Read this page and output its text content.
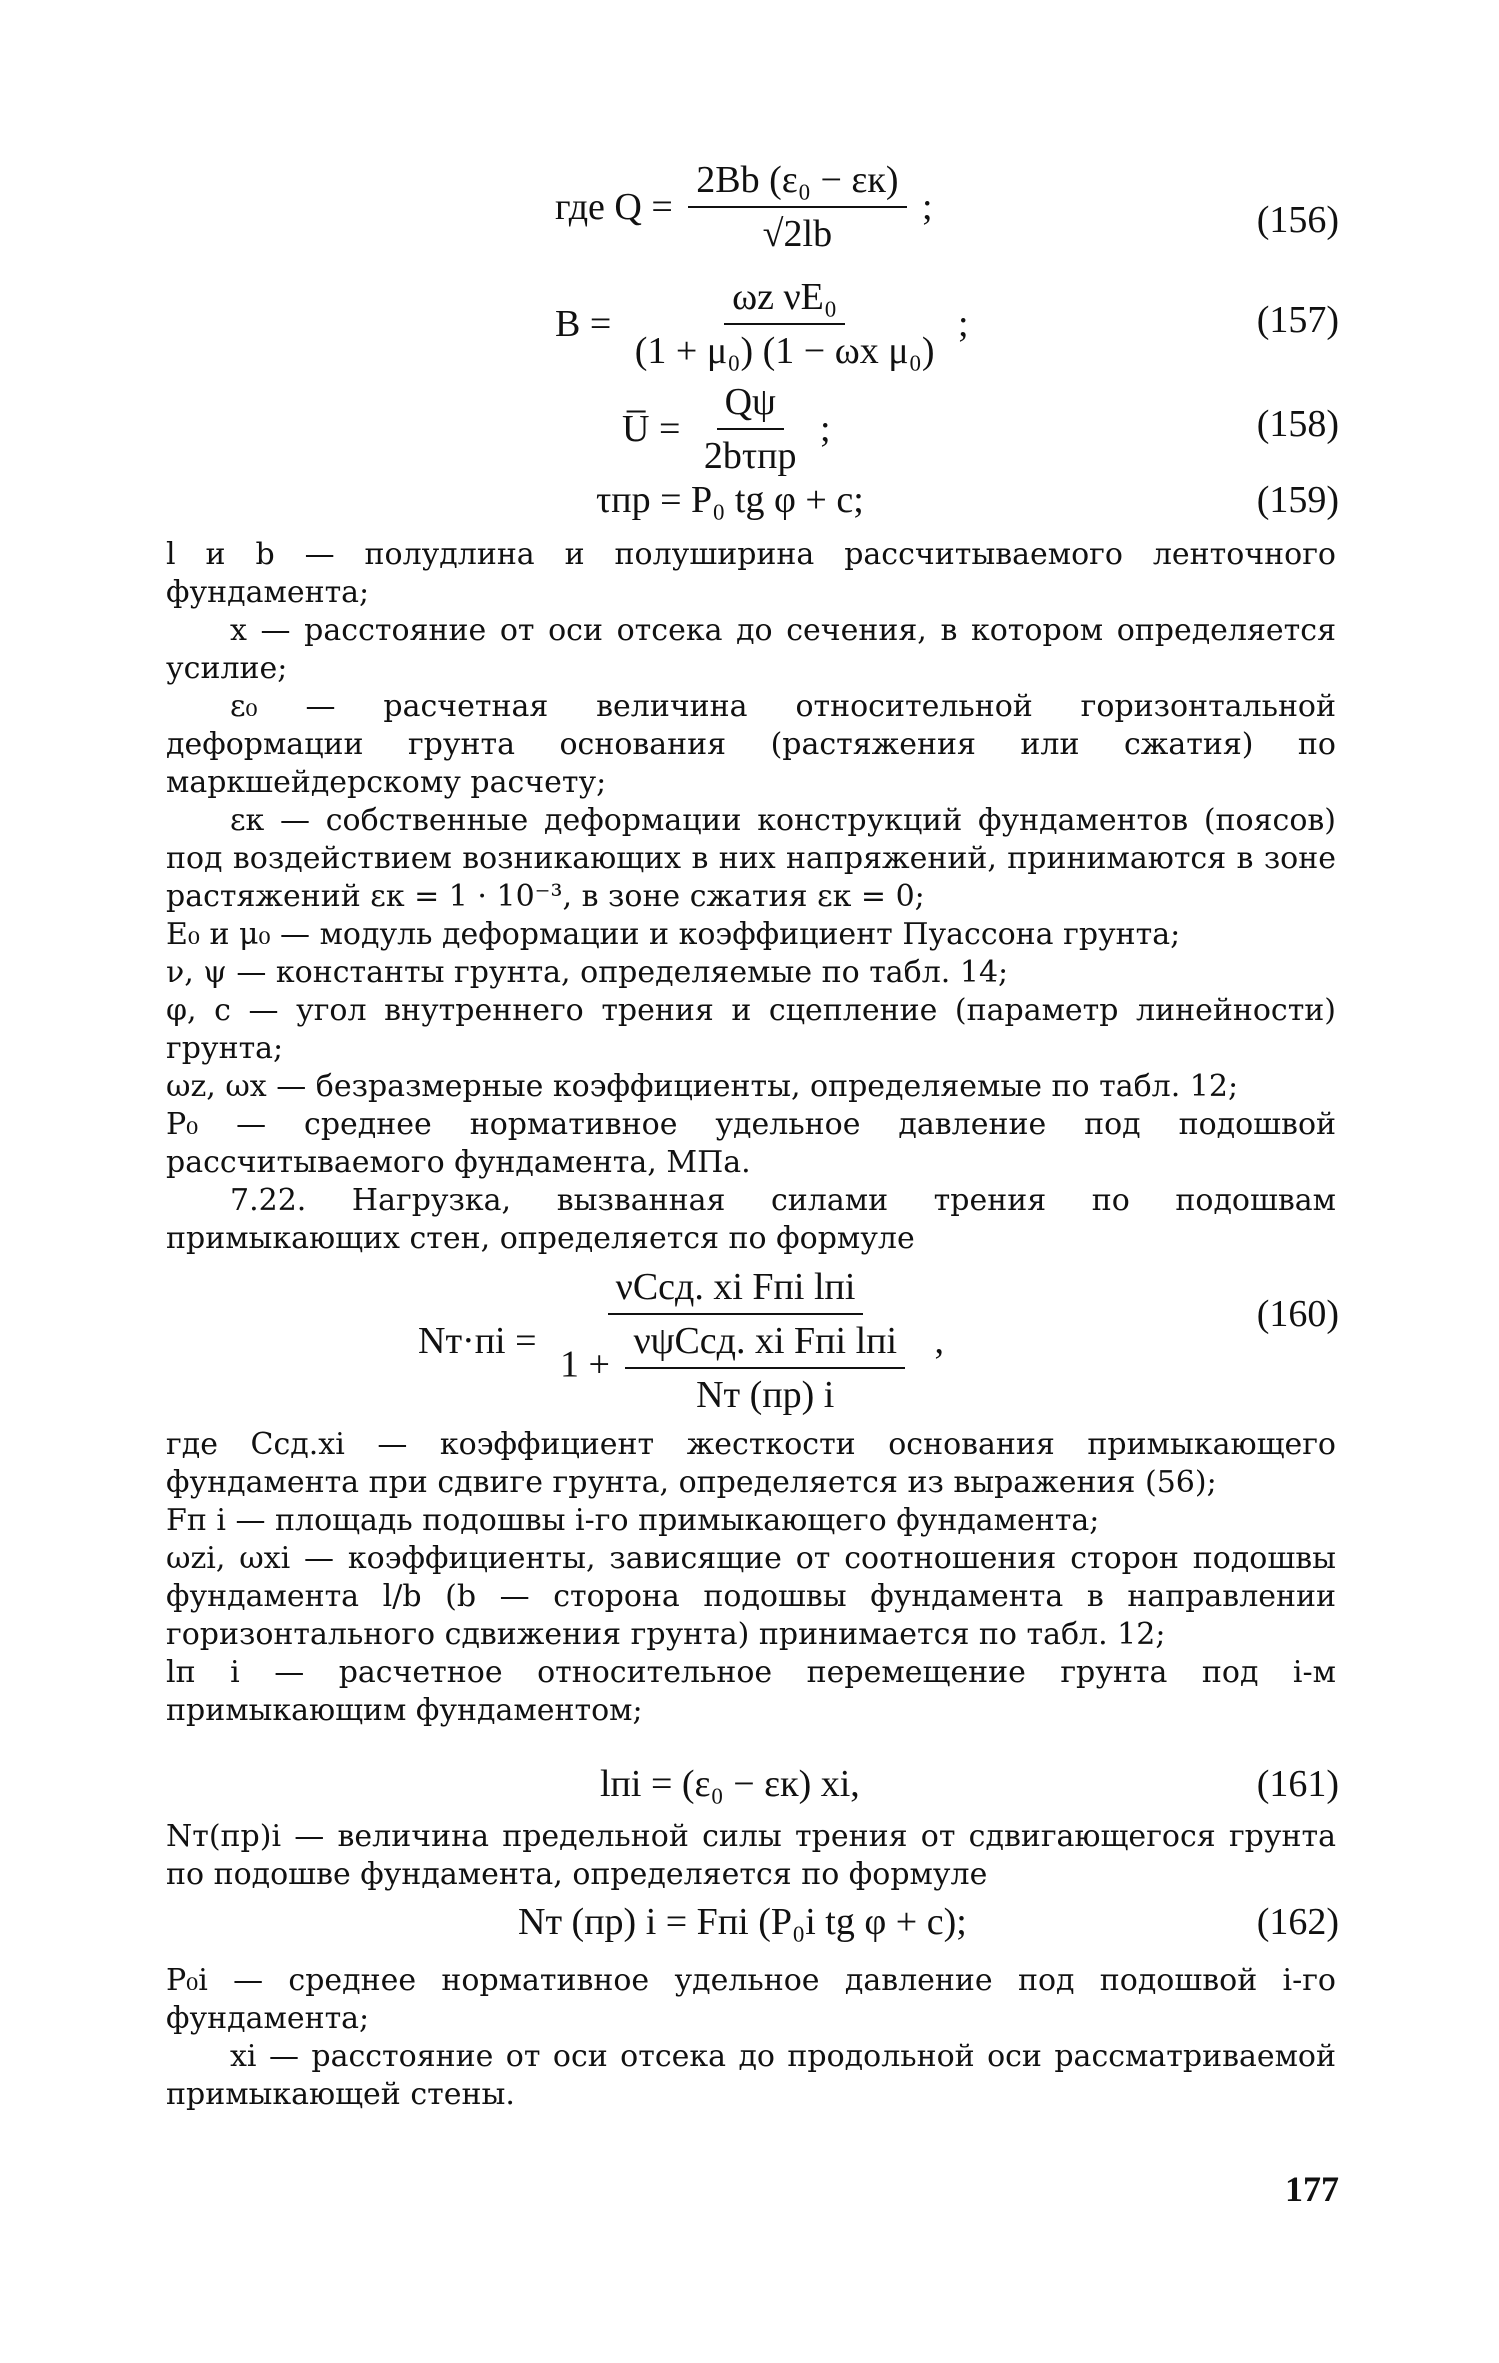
где $Q = \frac{\text{2Bb (ε₀ − εк)}}{√2lb}$ ;	(156)
$B = \frac{\text{ωz νE₀}}{\text{(1 + μ₀) (1 − ωx μ₀)}}$ ;	(157)
U̅ = $\frac{Q\psi}{\text{2bτпр}}$ ;	(158)
τпр = P₀ tg φ + c;	(159)
l и b — полудлина и полуширина рассчитываемого ленточного фундамента;
x — расстояние от оси отсека до сечения, в котором определяется усилие;
ε₀ — расчетная величина относительной горизонтальной деформации грунта основания (растяжения или сжатия) по маркшейдерскому расчету;
εк — собственные деформации конструкций фундаментов (поясов) под воздействием возникающих в них напряжений, принимаются в зоне растяжений εк = 1 · 10⁻³, в зоне сжатия εк = 0;
E₀ и μ₀ — модуль деформации и коэффициент Пуассона грунта;
ν, ψ — константы грунта, определяемые по табл. 14;
φ, c — угол внутреннего трения и сцепление (параметр линейности) грунта;
ωz, ωx — безразмерные коэффициенты, определяемые по табл. 12;
P₀ — среднее нормативное удельное давление под подошвой рассчитываемого фундамента, МПа.
7.22. Нагрузка, вызванная силами трения по подошвам примыкающих стен, определяется по формуле
$Nт\cdot пi = \frac{\text{νCсд. xi Fпi lпi}}{1 + \frac{\text{νψCсд. xi Fпi lпi}}{Nт (пр) i}}$ ,
(160)
где Cсд.xi — коэффициент жесткости основания примыкающего фундамента при сдвиге грунта, определяется из выражения (56);
Fп i — площадь подошвы i-го примыкающего фундамента;
ωzi, ωxi — коэффициенты, зависящие от соотношения сторон подошвы фундамента l/b (b — сторона подошвы фундамента в направлении горизонтального сдвижения грунта) принимается по табл. 12;
lп i — расчетное относительное перемещение грунта под i-м примыкающим фундаментом;
lпi = (ε₀ − εк) xi,	(161)
Nт(пр)i — величина предельной силы трения от сдвигающегося грунта по подошве фундамента, определяется по формуле
Nт (пр) i = Fпi (P₀i tg φ + c);	(162)
P₀i — среднее нормативное удельное давление под подошвой i-го фундамента;
xi — расстояние от оси отсека до продольной оси рассматриваемой примыкающей стены.
177
